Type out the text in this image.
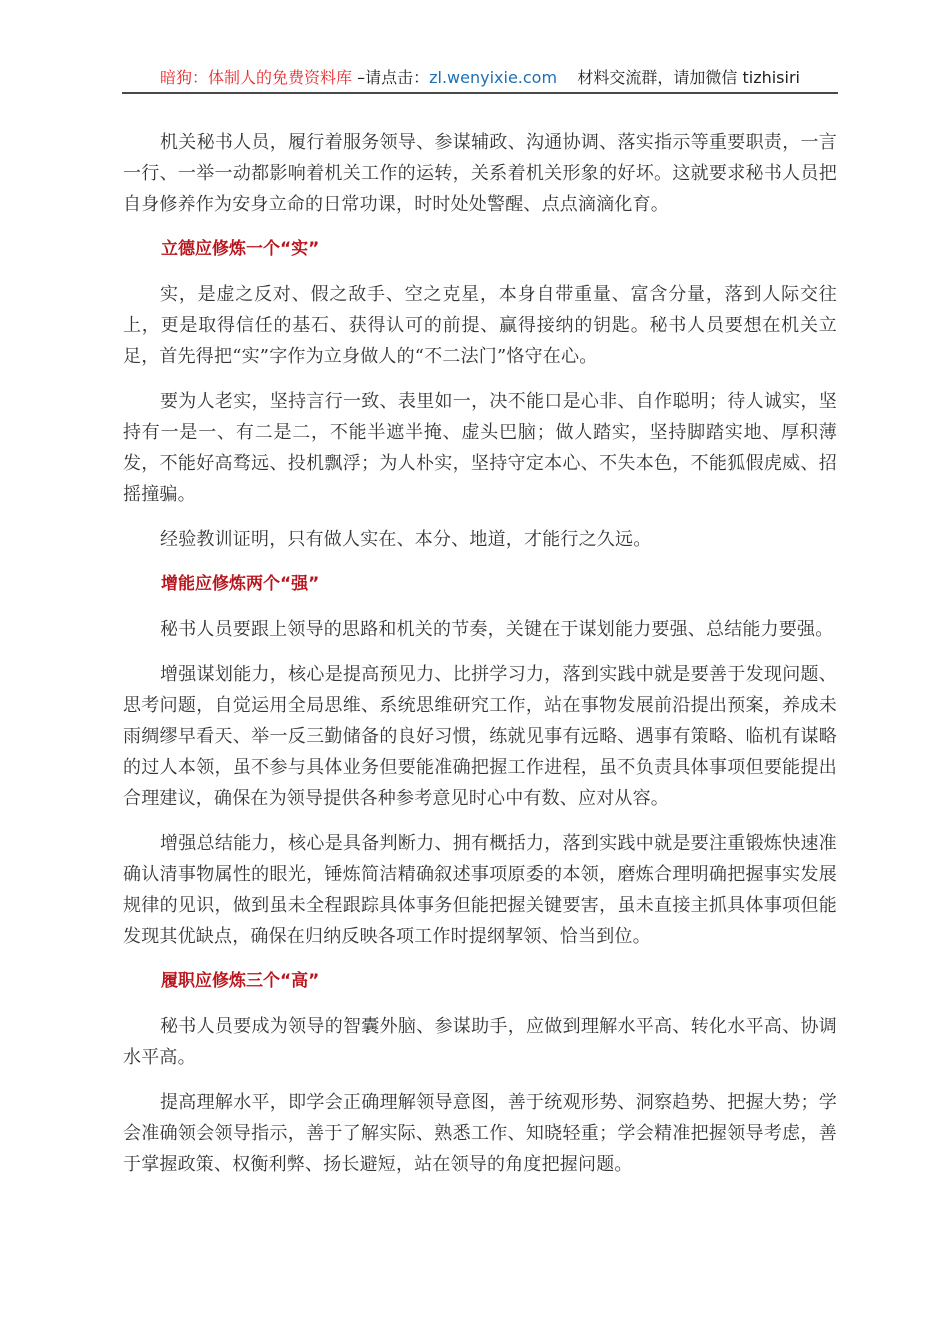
暗狗：体制人的免费资料库 –请点击：zl.wenyixie.com 材料交流群，请加微信 tizhisiri

机关秘书人员，履行着服务领导、参谋辅政、沟通协调、落实指示等重要职责，一言一行、一举一动都影响着机关工作的运转，关系着机关形象的好坏。这就要求秘书人员把自身修养作为安身立命的日常功课，时时处处警醒、点点滴滴化育。

立德应修炼一个“实”

实，是虚之反对、假之敌手、空之克星，本身自带重量、富含分量，落到人际交往上，更是取得信任的基石、获得认可的前提、赢得接纳的钥匙。秘书人员要想在机关立足，首先得把“实”字作为立身做人的“不二法门”恪守在心。

要为人老实，坚持言行一致、表里如一，决不能口是心非、自作聪明；待人诚实，坚持有一是一、有二是二，不能半遮半掩、虚头巴脑；做人踏实，坚持脚踏实地、厚积薄发，不能好高骛远、投机飘浮；为人朴实，坚持守定本心、不失本色，不能狐假虎威、招摇撞骗。

经验教训证明，只有做人实在、本分、地道，才能行之久远。

增能应修炼两个“强”

秘书人员要跟上领导的思路和机关的节奏，关键在于谋划能力要强、总结能力要强。

增强谋划能力，核心是提高预见力、比拼学习力，落到实践中就是要善于发现问题、思考问题，自觉运用全局思维、系统思维研究工作，站在事物发展前沿提出预案，养成未雨绸缪早看天、举一反三勤储备的良好习惯，练就见事有远略、遇事有策略、临机有谋略的过人本领，虽不参与具体业务但要能准确把握工作进程，虽不负责具体事项但要能提出合理建议，确保在为领导提供各种参考意见时心中有数、应对从容。

增强总结能力，核心是具备判断力、拥有概括力，落到实践中就是要注重锻炼快速准确认清事物属性的眼光，锤炼简洁精确叙述事项原委的本领，磨炼合理明确把握事实发展规律的见识，做到虽未全程跟踪具体事务但能把握关键要害，虽未直接主抓具体事项但能发现其优缺点，确保在归纳反映各项工作时提纲挈领、恰当到位。

履职应修炼三个“高”

秘书人员要成为领导的智囊外脑、参谋助手，应做到理解水平高、转化水平高、协调水平高。

提高理解水平，即学会正确理解领导意图，善于统观形势、洞察趋势、把握大势；学会准确领会领导指示，善于了解实际、熟悉工作、知晓轻重；学会精准把握领导考虑，善于掌握政策、权衡利弊、扬长避短，站在领导的角度把握问题。
